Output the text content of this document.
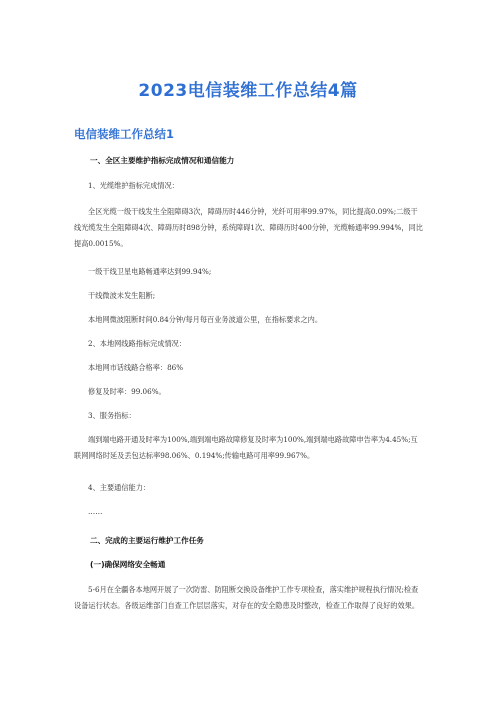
2023电信装维工作总结4篇
电信装维工作总结1
一、全区主要维护指标完成情况和通信能力
1、光缆维护指标完成情况：
全区光缆一级干线发生全阻障碍3次，障碍历时446分钟，光纤可用率99.97%，同比提高0.09%;二级干线光缆发生全阻障碍4次、障碍历时898分钟，系统障碍1次、障碍历时400分钟，光缆畅通率99.994%，同比提高0.0015%。
一级干线卫星电路畅通率达到99.94%;
干线微波未发生阻断;
本地网微波阻断时间0.84分钟/每月每百业务波道公里，在指标要求之内。
2、本地网线路指标完成情况：
本地网市话线路合格率：86%
修复及时率：99.06%。
3、服务指标：
端到端电路开通及时率为100%,端到端电路故障修复及时率为100%,端到端电路故障申告率为4.45%;互联网网络时延及丢包达标率98.06%、0.194%;传输电路可用率99.967%。
4、主要通信能力：
……
二、完成的主要运行维护工作任务
(一)确保网络安全畅通
5-6月在全疆各本地网开展了一次防雷、防阻断交换设备维护工作专项检查，落实维护规程执行情况;检查设备运行状态。各级运维部门自查工作层层落实，对存在的安全隐患及时整改，检查工作取得了良好的效果。
